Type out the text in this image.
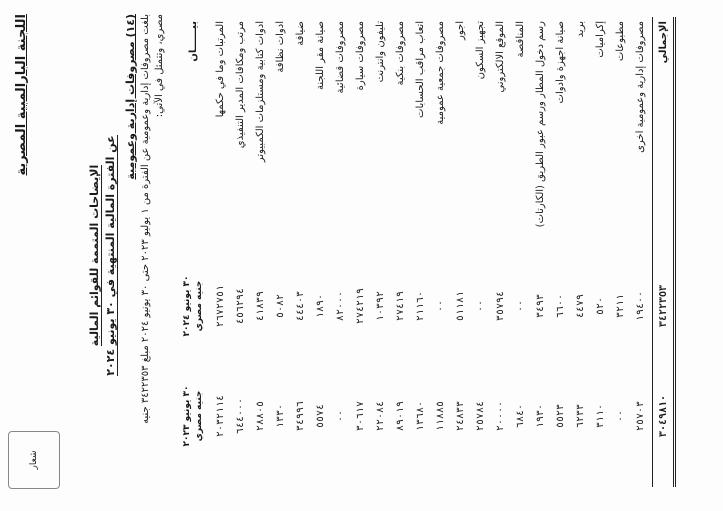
اللجنة البارالمبية المصرية
شعار
الإيضاحات المتممة للقوائم المالية
عن الفترة المالية المنتهية في ٣٠ يونيو ٢٠٢٤
(١٤) مصروفات إدارية وعمومية
بلغت مصروفات إدارية وعمومية عن الفترة من ١ يوليو ٢٠٢٣ حتى ٣٠ يونيو ٢٠٢٤ مبلغ ٣٤٢٢٣٥٣ جنيه مصري، وتتمثل في الآتي: بيــــــان
٣٠ يونيو ٢٠٢٤ جنيه مصري
٣٠ يونيو ٢٠٢٣ جنيه مصري
المرتبات وما في حكمها
٢٦٧٢٧٥١
٢٠٣٢١١٤
مرتب ومكافآت المدير التنفيذي
٤٥٦٢٩٤
٦٤٤٠٠٠
أدوات كتابية ومستلزمات الكمبيوتر
٤١٨٣٩
٢٨٨٠٥
أدوات نظافة
٥٠٨٢
١٣٣٠
ضيافة
٤٤٤٠٣
٣٤٩٩٦
صيانة مقر اللجنة
١٨٩٠
٥٥٧٤
مصروفات قضائية
٨٢٠٠٠
٠٠
مصروفات سيارة
٢٧٤٢١٩
٣٠٦١٧
تليفون وانترنت
١٠٣٩٢
٢٢٠٨٤
مصروفات بنكية
٢٧٤١٩
٨٩٠١٩
أتعاب مراقب الحسابات
٢١١٦٠
١٣٦٨٠
مصروفات جمعية عمومية
٠٠
١١٨٨٥
أجور
٥١١٨١
٢٤٨٣٣
تجهيز السكون
٠٠
٢٥٧٨٤
الموقع الالكتروني
٣٥٧٩٤
٢٠٠٠٠
المناقصة
٠٠
٦٨٤٠
رسم دخول المطار ورسم عبور الطريق (الكارتات)
٣٤٩٣
١٩٣٠
صيانة أجهزة وأدوات
٦٦٠٠
٥٥٢٣
بريد
٤٤٧٩
٦٢٣٣
إكراميات
٥٢٠
٣١١٠
مطبوعات
٣٢١١
٠٠
مصروفات إدارية وعمومية أخرى
١٩٤٠٠
٢٥٧٠٣
الإجمالي
٣٤٢٢٣٥٣
٣٠٤٩٨١٠
